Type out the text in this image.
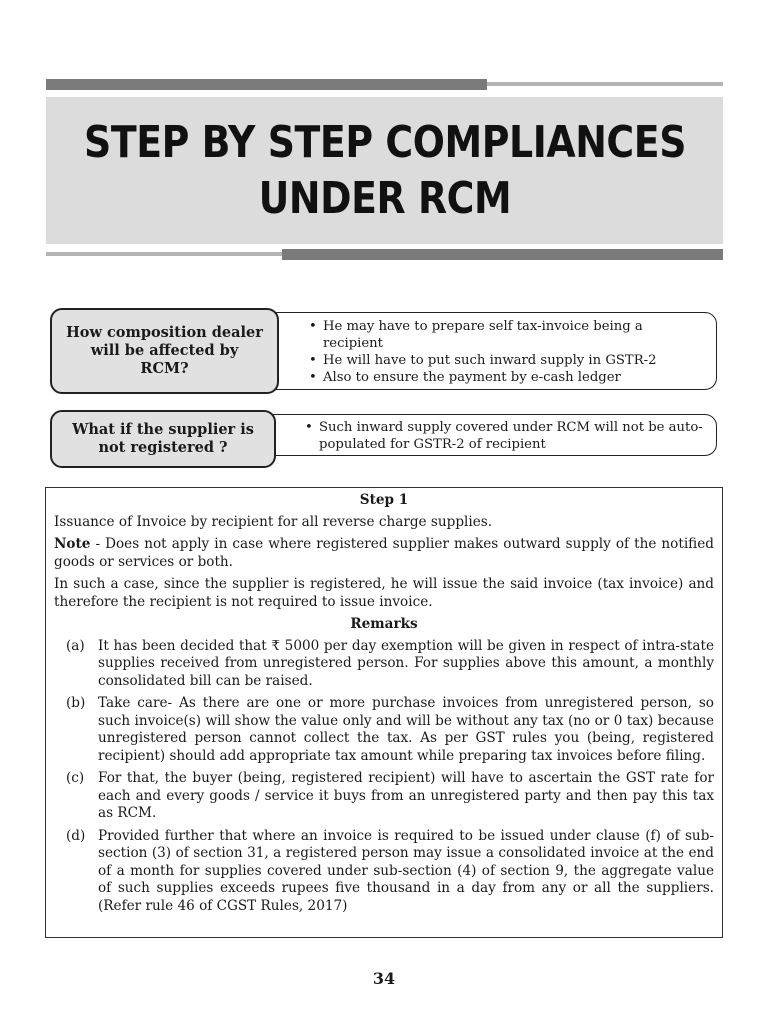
STEP BY STEP COMPLIANCES
UNDER RCM
How composition dealer will be affected by RCM?
• He may have to prepare self tax-invoice being a recipient
• He will have to put such inward supply in GSTR-2
• Also to ensure the payment by e-cash ledger
What if the supplier is not registered ?
• Such inward supply covered under RCM will not be auto-populated for GSTR-2 of recipient
Step 1

Issuance of Invoice by recipient for all reverse charge supplies.

Note - Does not apply in case where registered supplier makes outward supply of the notified goods or services or both.

In such a case, since the supplier is registered, he will issue the said invoice (tax invoice) and therefore the recipient is not required to issue invoice.

Remarks
(a) It has been decided that ₹ 5000 per day exemption will be given in respect of intra-state supplies received from unregistered person. For supplies above this amount, a monthly consolidated bill can be raised.
(b) Take care- As there are one or more purchase invoices from unregistered person, so such invoice(s) will show the value only and will be without any tax (no or 0 tax) because unregistered person cannot collect the tax. As per GST rules you (being, registered recipient) should add appropriate tax amount while preparing tax invoices before filing.
(c)	For that, the buyer (being, registered recipient) will have to ascertain the GST rate for each and every goods / service it buys from an unregistered party and then pay this tax as RCM.
(d) Provided further that where an invoice is required to be issued under clause (f) of sub-section (3) of section 31, a registered person may issue a consolidated invoice at the end of a month for supplies covered under sub-section (4) of section 9, the aggregate value of such supplies exceeds rupees five thousand in a day from any or all the suppliers. (Refer rule 46 of CGST Rules, 2017)
34
